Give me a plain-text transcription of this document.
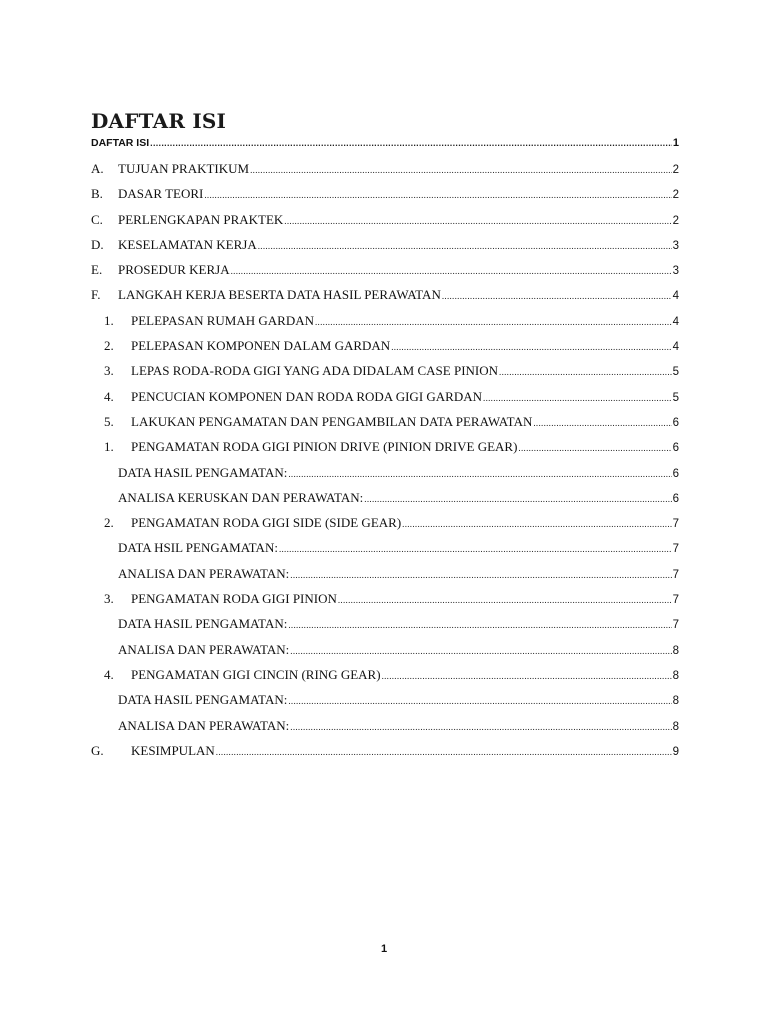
DAFTAR ISI
DAFTAR ISI .....	1
A.	TUJUAN PRAKTIKUM .....	2
B.	DASAR TEORI .....	2
C.	PERLENGKAPAN PRAKTEK .....	2
D.	KESELAMATAN KERJA .....	3
E.	PROSEDUR KERJA .....	3
F.	LANGKAH KERJA BESERTA DATA HASIL PERAWATAN .....	4
1.	PELEPASAN RUMAH GARDAN .....	4
2.	PELEPASAN KOMPONEN DALAM GARDAN .....	4
3.	LEPAS RODA-RODA GIGI YANG ADA DIDALAM CASE PINION .....	5
4.	PENCUCIAN KOMPONEN DAN RODA RODA GIGI GARDAN .....	5
5.	LAKUKAN PENGAMATAN DAN PENGAMBILAN DATA PERAWATAN .....	6
1.	PENGAMATAN RODA GIGI PINION DRIVE (PINION DRIVE GEAR) .....	6
DATA HASIL PENGAMATAN: .....	6
ANALISA KERUSKAN DAN PERAWATAN: .....	6
2.	PENGAMATAN RODA GIGI SIDE (SIDE GEAR) .....	7
DATA HSIL PENGAMATAN: .....	7
ANALISA DAN PERAWATAN: .....	7
3.	PENGAMATAN RODA GIGI PINION .....	7
DATA HASIL PENGAMATAN: .....	7
ANALISA DAN PERAWATAN: .....	8
4.	PENGAMATAN GIGI CINCIN (RING GEAR) .....	8
DATA HASIL PENGAMATAN: .....	8
ANALISA DAN PERAWATAN: .....	8
G.	KESIMPULAN .....	9
1
